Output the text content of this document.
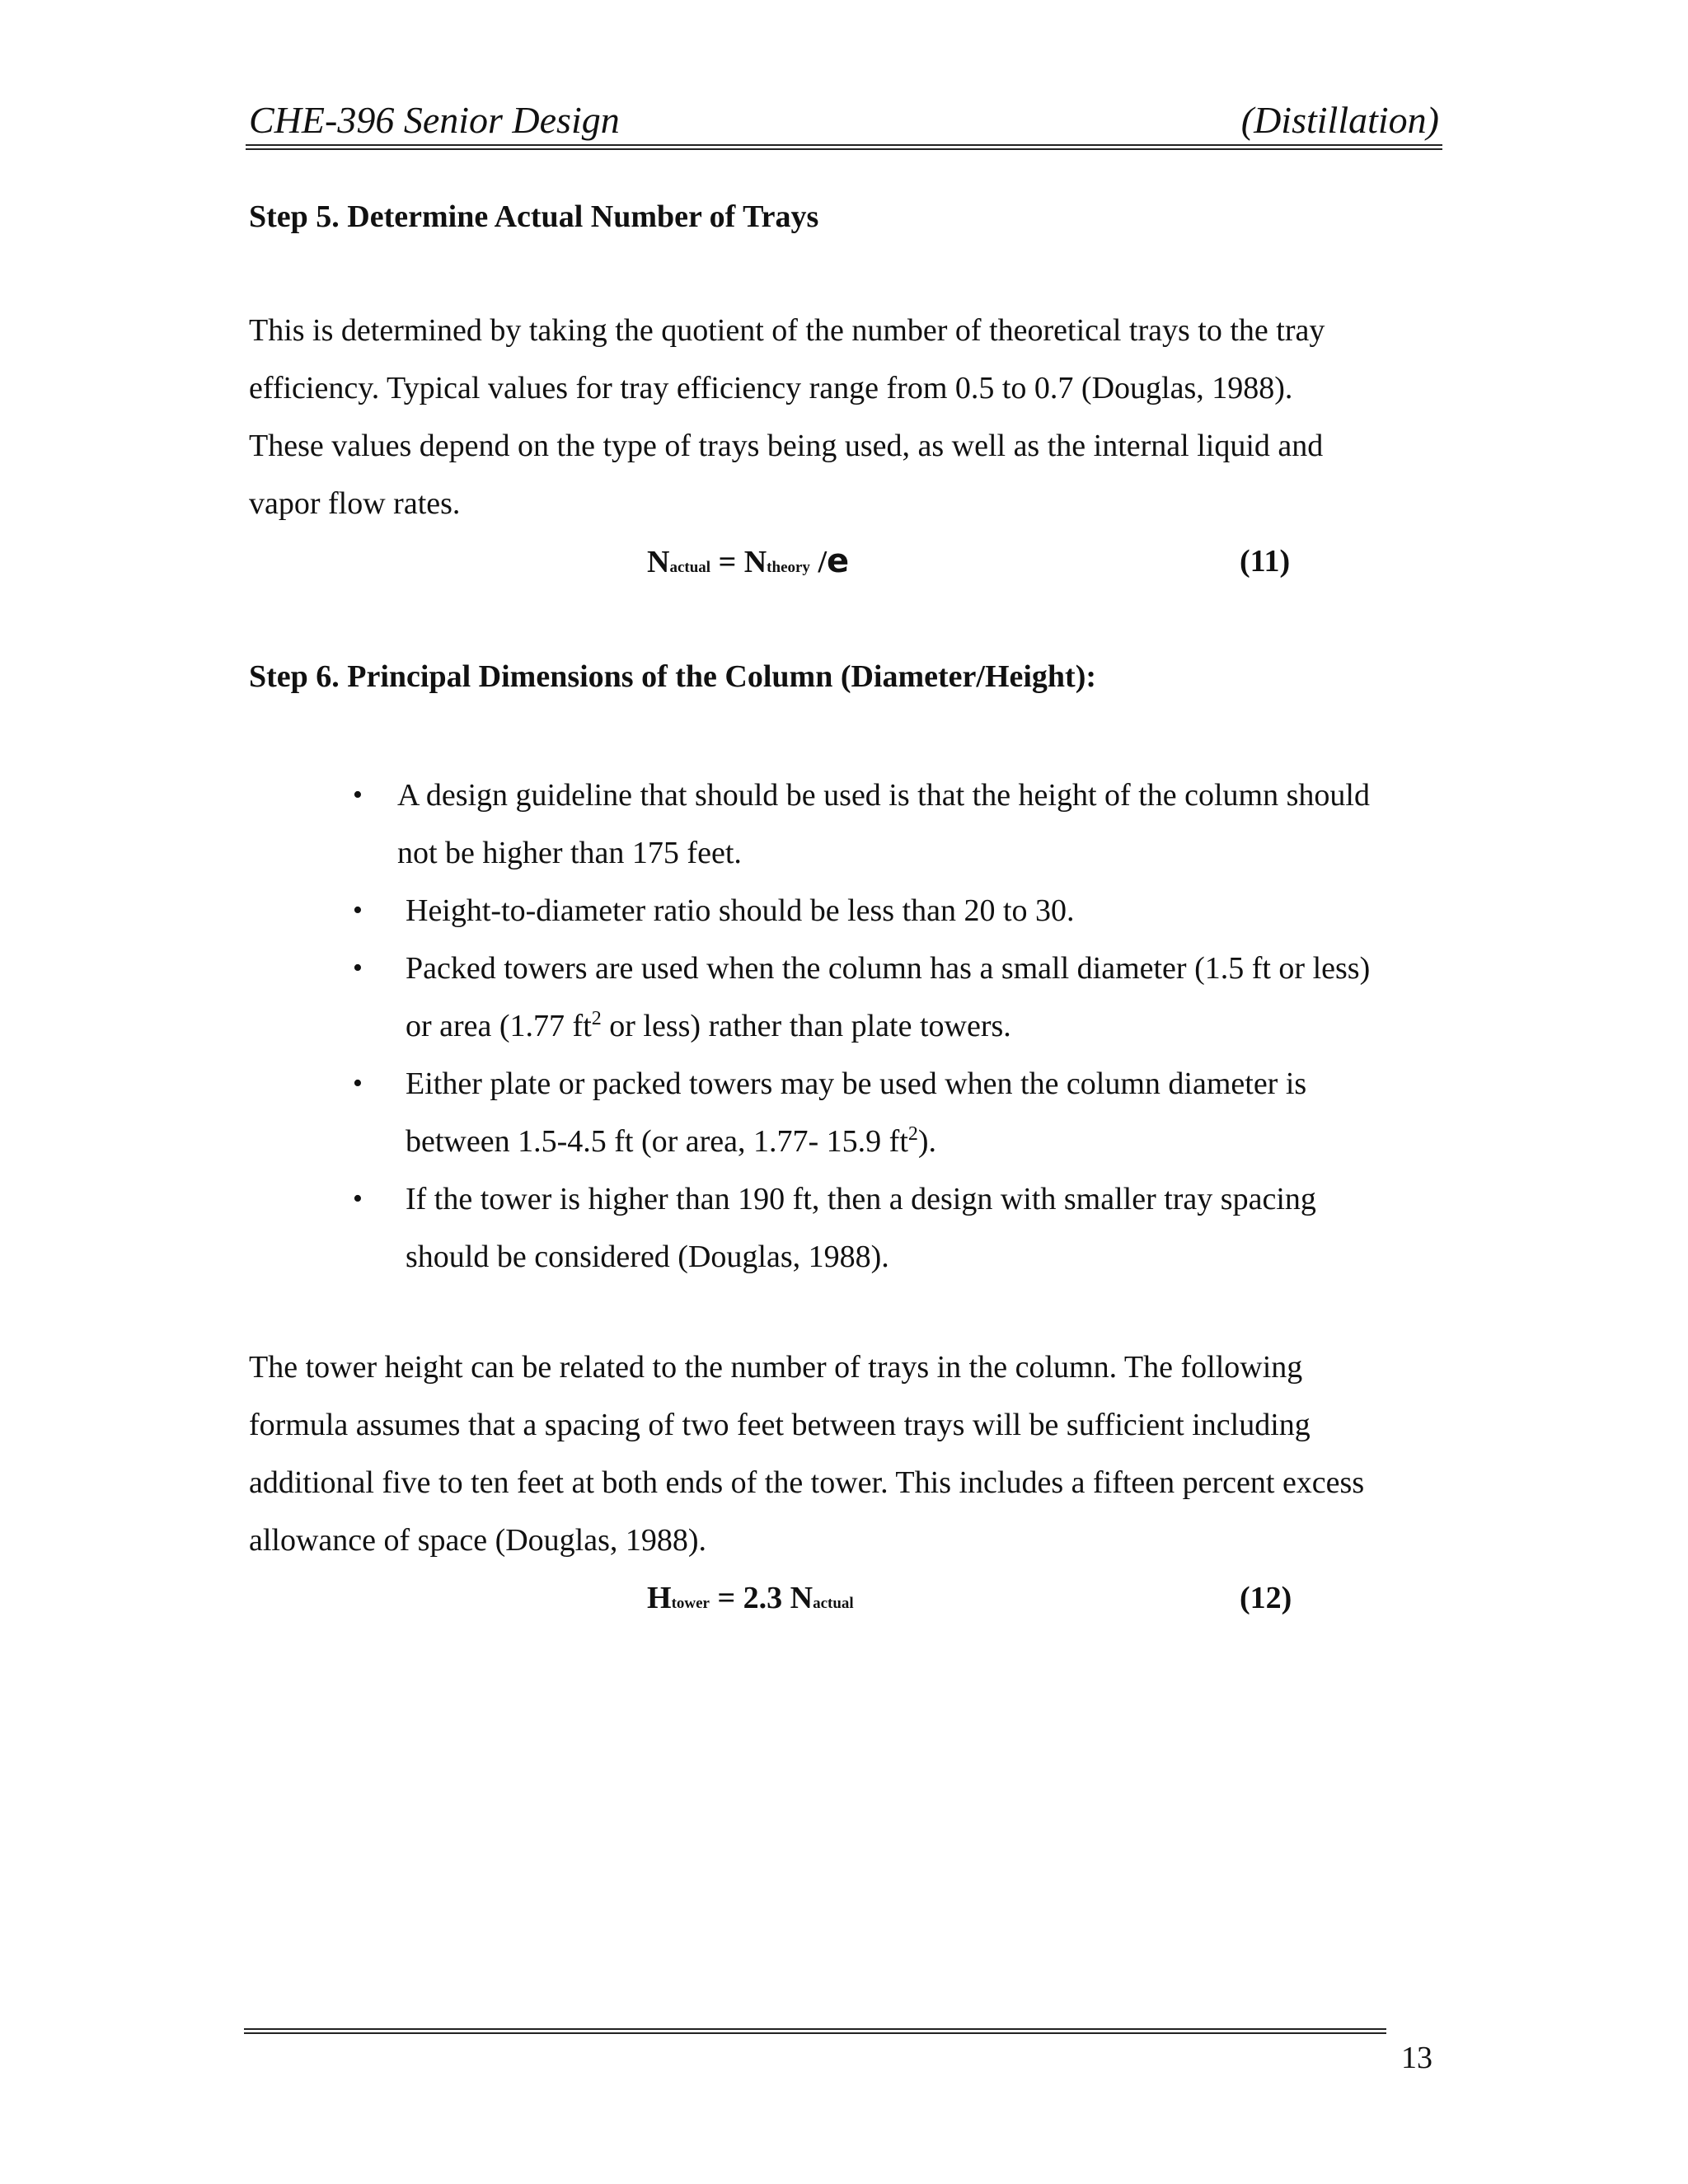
CHE-396 Senior Design	(Distillation)
Step 5. Determine Actual Number of Trays
This is determined by taking the quotient of the number of theoretical trays to the tray
efficiency. Typical values for tray efficiency range from 0.5 to 0.7 (Douglas, 1988).
These values depend on the type of trays being used, as well as the internal liquid and
vapor flow rates.
Nactual = Ntheory /e	(11)
Step 6. Principal Dimensions of the Column (Diameter/Height):
• A design guideline that should be used is that the height of the column should
not be higher than 175 feet.
• Height-to-diameter ratio should be less than 20 to 30.
• Packed towers are used when the column has a small diameter (1.5 ft or less)
or area (1.77 $ft^2$ or less) rather than plate towers.
• Either plate or packed towers may be used when the column diameter is
between 1.5-4.5 ft (or area, 1.77- 15.9 $ft^2$).
• If the tower is higher than 190 ft, then a design with smaller tray spacing
should be considered (Douglas, 1988).
The tower height can be related to the number of trays in the column. The following
formula assumes that a spacing of two feet between trays will be sufficient including
additional five to ten feet at both ends of the tower. This includes a fifteen percent excess
allowance of space (Douglas, 1988).
Htower = 2.3 Nactual	(12)
13
